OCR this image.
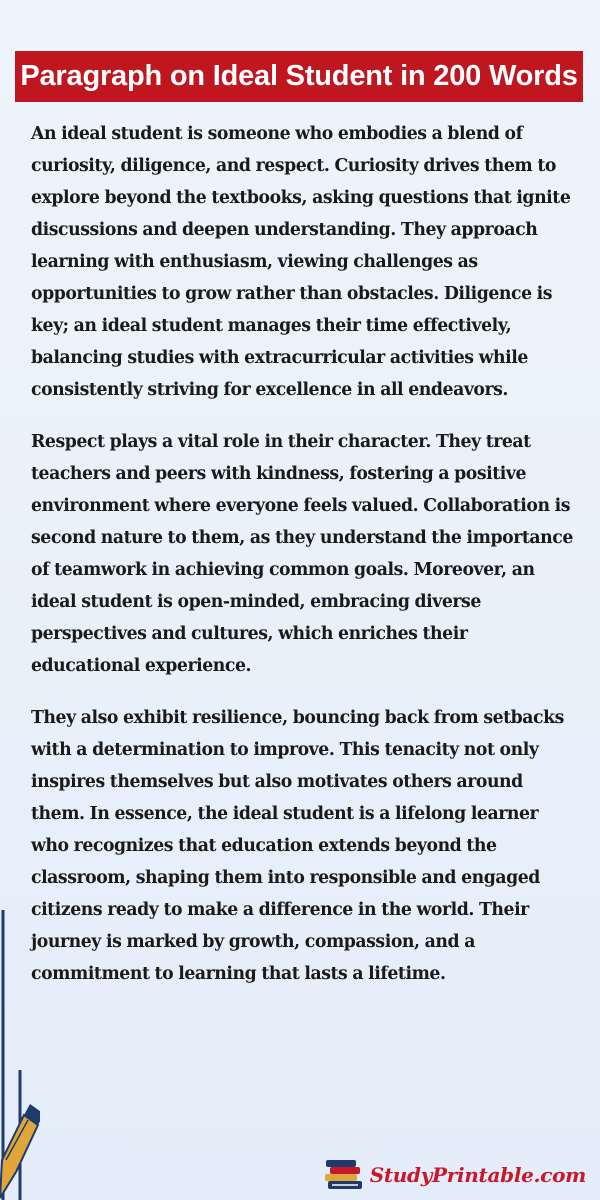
Paragraph on Ideal Student in 200 Words

An ideal student is someone who embodies a blend of curiosity, diligence, and respect. Curiosity drives them to explore beyond the textbooks, asking questions that ignite discussions and deepen understanding. They approach learning with enthusiasm, viewing challenges as opportunities to grow rather than obstacles. Diligence is key; an ideal student manages their time effectively, balancing studies with extracurricular activities while consistently striving for excellence in all endeavors.

Respect plays a vital role in their character. They treat teachers and peers with kindness, fostering a positive environment where everyone feels valued. Collaboration is second nature to them, as they understand the importance of teamwork in achieving common goals. Moreover, an ideal student is open-minded, embracing diverse perspectives and cultures, which enriches their educational experience.

They also exhibit resilience, bouncing back from setbacks with a determination to improve. This tenacity not only inspires themselves but also motivates others around them. In essence, the ideal student is a lifelong learner who recognizes that education extends beyond the classroom, shaping them into responsible and engaged citizens ready to make a difference in the world. Their journey is marked by growth, compassion, and a commitment to learning that lasts a lifetime.

StudyPrintable.com
